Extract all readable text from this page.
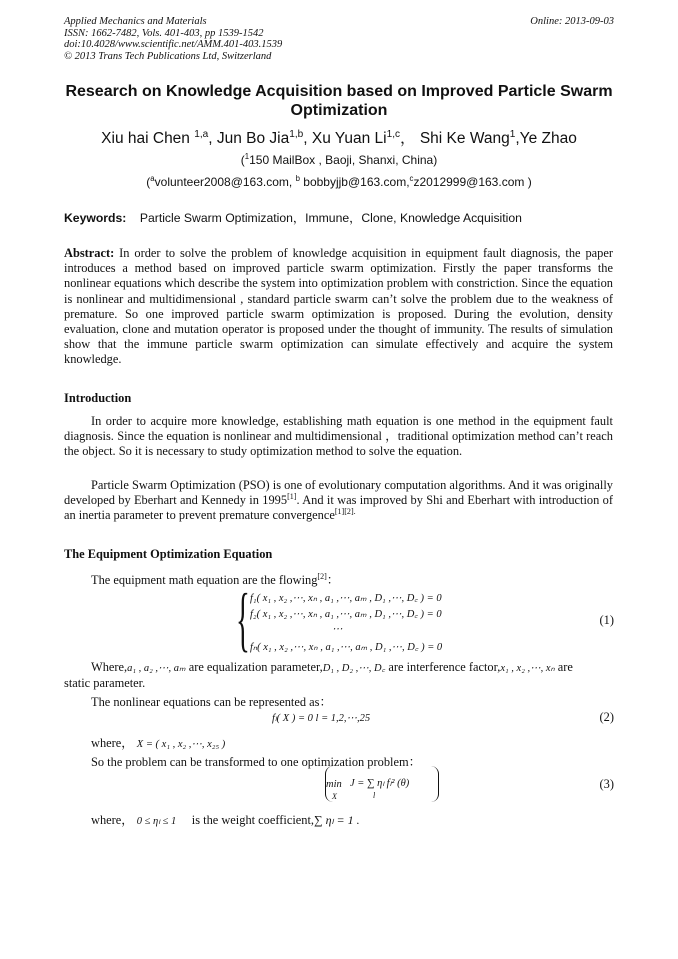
Applied Mechanics and Materials
ISSN: 1662-7482, Vols. 401-403, pp 1539-1542
doi:10.4028/www.scientific.net/AMM.401-403.1539
© 2013 Trans Tech Publications Ltd, Switzerland
Online: 2013-09-03
Research on Knowledge Acquisition based on Improved Particle Swarm Optimization
Xiu hai Chen $^{1,a}$, Jun Bo Jia$^{1,b}$, Xu Yuan Li$^{1,c}$， Shi Ke Wang$^1$,Ye Zhao
($^1$150 MailBox , Baoji, Shanxi, China)
($^a$volunteer2008@163.com, $^b$ bobbyjjb@163.com,$^c$z2012999@163.com )
Keywords: Particle Swarm Optimization，Immune，Clone, Knowledge Acquisition
Abstract: In order to solve the problem of knowledge acquisition in equipment fault diagnosis, the paper introduces a method based on improved particle swarm optimization. Firstly the paper transforms the nonlinear equations which describe the system into optimization problem with constriction. Since the equation is nonlinear and multidimensional , standard particle swarm can’t solve the problem due to the weakness of premature. So one improved particle swarm optimization is proposed. During the evolution, density evaluation, clone and mutation operator is proposed under the thought of immunity. The results of simulation show that the immune particle swarm optimization can simulate effectively and acquire the system knowledge.
Introduction
In order to acquire more knowledge, establishing math equation is one method in the equipment fault diagnosis. Since the equation is nonlinear and multidimensional ，traditional optimization method can’t reach the object. So it is necessary to study optimization method to solve the equation.
Particle Swarm Optimization (PSO) is one of evolutionary computation algorithms. And it was originally developed by Eberhart and Kennedy in 1995[1]. And it was improved by Shi and Eberhart with introduction of an inertia parameter to prevent premature convergence$^{[1][2].}$
The Equipment Optimization Equation
The equipment math equation are the flowing[2]：
{ f₁( x₁ , x₂ ,⋯, xₙ , a₁ ,⋯, aₘ , D₁ ,⋯, D꜀ ) = 0
f₂( x₁ , x₂ ,⋯, xₙ , a₁ ,⋯, aₘ , D₁ ,⋯, D꜀ ) = 0
⋯
fₙ( x₁ , x₂ ,⋯, xₙ , a₁ ,⋯, aₘ , D₁ ,⋯, D꜀ ) = 0
(1)
Where,a₁ , a₂ ,⋯, aₘ are equalization parameter,D₁ , D₂ ,⋯, D꜀ are interference factor,x₁ , x₂ ,⋯, xₙ are
static parameter.
The nonlinear equations can be represented as：
fₗ( X ) = 0 l = 1,2,⋯,25	(2)
where， X = ( x₁ , x₂ ,⋯, x₂₅ )
So the problem can be transformed to one optimization problem：
min
X
J = ∑ ηₗ fₗ² (θ)
l
(3)
where， 0 ≤ ηₗ ≤ 1 is the weight coefficient,∑ ηₗ = 1 .
